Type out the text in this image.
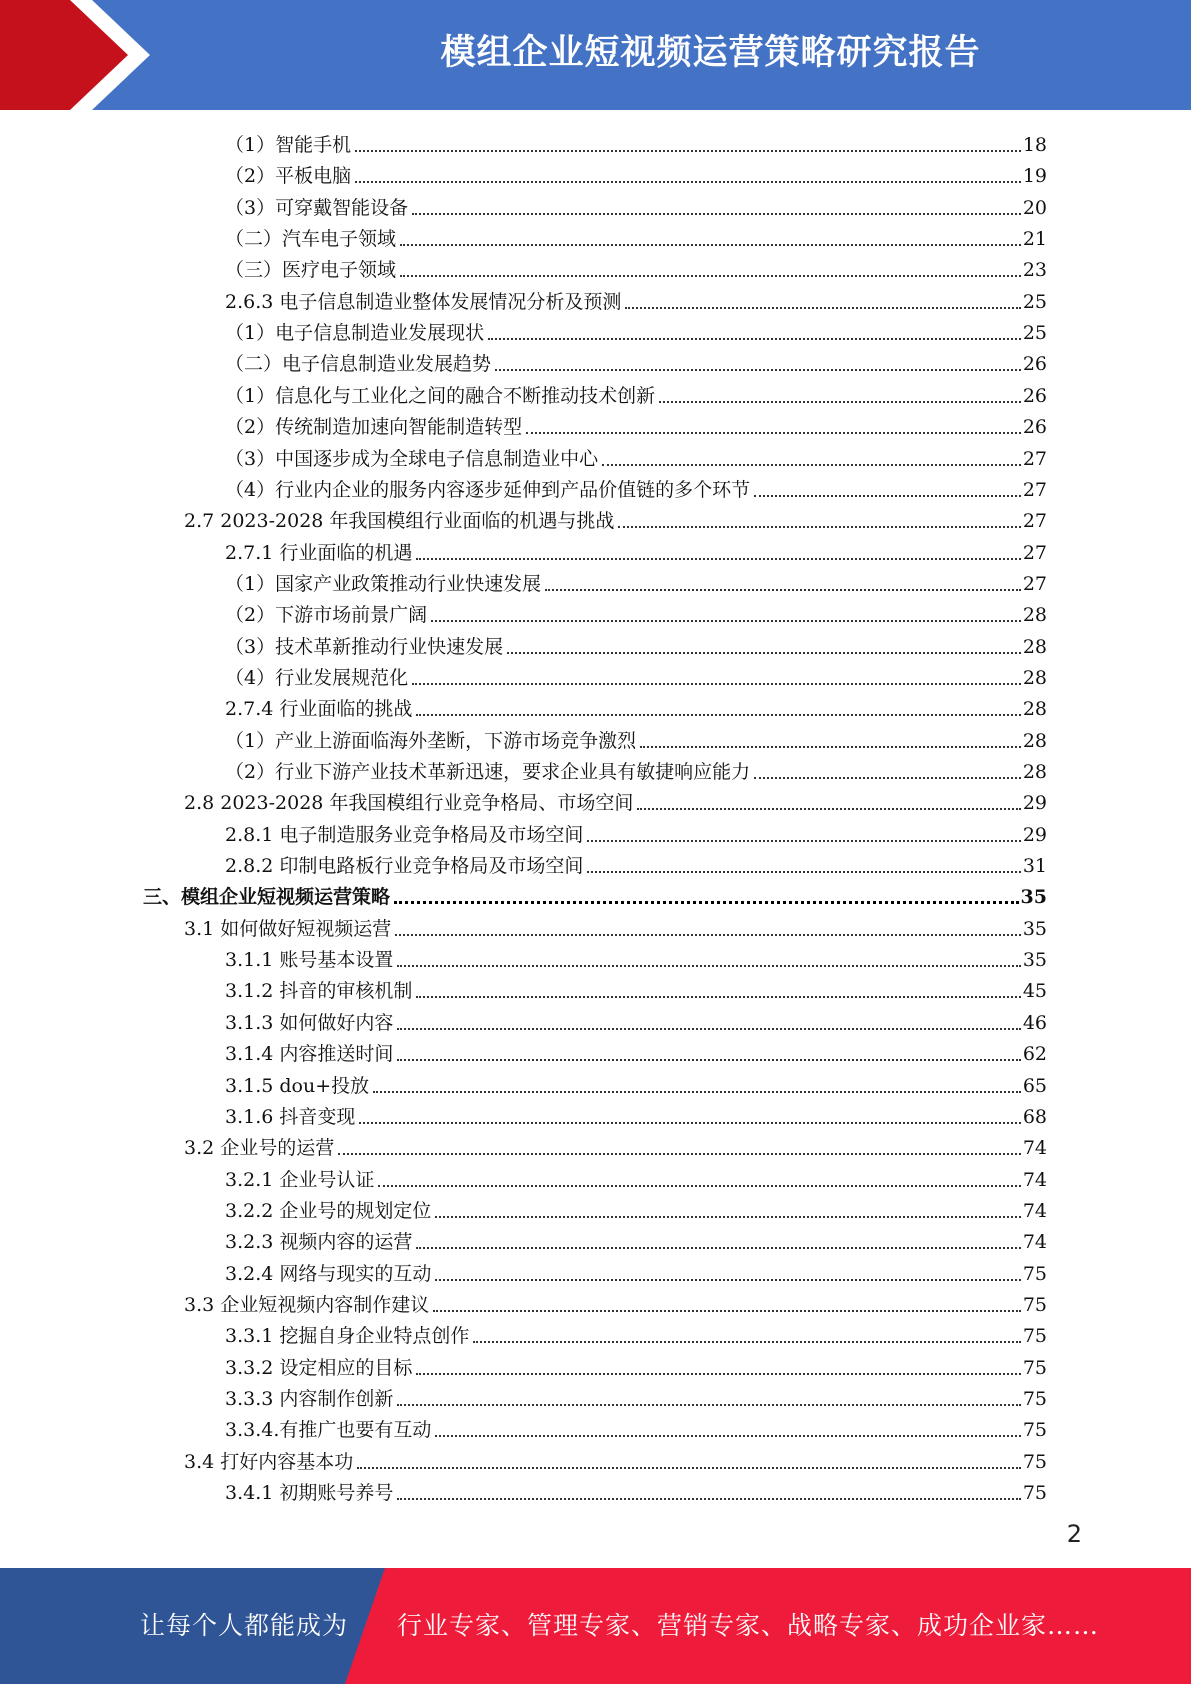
模组企业短视频运营策略研究报告
（1）智能手机	18
（2）平板电脑	19
（3）可穿戴智能设备	20
（二）汽车电子领域	21
（三）医疗电子领域	23
2.6.3 电子信息制造业整体发展情况分析及预测	25
（1）电子信息制造业发展现状	25
（二）电子信息制造业发展趋势	26
（1）信息化与工业化之间的融合不断推动技术创新	26
（2）传统制造加速向智能制造转型	26
（3）中国逐步成为全球电子信息制造业中心	27
（4）行业内企业的服务内容逐步延伸到产品价值链的多个环节	27
2.7 2023-2028 年我国模组行业面临的机遇与挑战	27
2.7.1 行业面临的机遇	27
（1）国家产业政策推动行业快速发展	27
（2）下游市场前景广阔	28
（3）技术革新推动行业快速发展	28
（4）行业发展规范化	28
2.7.4 行业面临的挑战	28
（1）产业上游面临海外垄断，下游市场竞争激烈	28
（2）行业下游产业技术革新迅速，要求企业具有敏捷响应能力	28
2.8 2023-2028 年我国模组行业竞争格局、市场空间	29
2.8.1 电子制造服务业竞争格局及市场空间	29
2.8.2 印制电路板行业竞争格局及市场空间	31
三、模组企业短视频运营策略	35
3.1 如何做好短视频运营	35
3.1.1 账号基本设置	35
3.1.2 抖音的审核机制	45
3.1.3 如何做好内容	46
3.1.4 内容推送时间	62
3.1.5 dou+投放	65
3.1.6 抖音变现	68
3.2 企业号的运营	74
3.2.1 企业号认证	74
3.2.2 企业号的规划定位	74
3.2.3 视频内容的运营	74
3.2.4 网络与现实的互动	75
3.3 企业短视频内容制作建议	75
3.3.1 挖掘自身企业特点创作	75
3.3.2 设定相应的目标	75
3.3.3 内容制作创新	75
3.3.4.有推广也要有互动	75
3.4 打好内容基本功	75
3.4.1 初期账号养号	75
2
让每个人都能成为 行业专家、管理专家、营销专家、战略专家、成功企业家……
